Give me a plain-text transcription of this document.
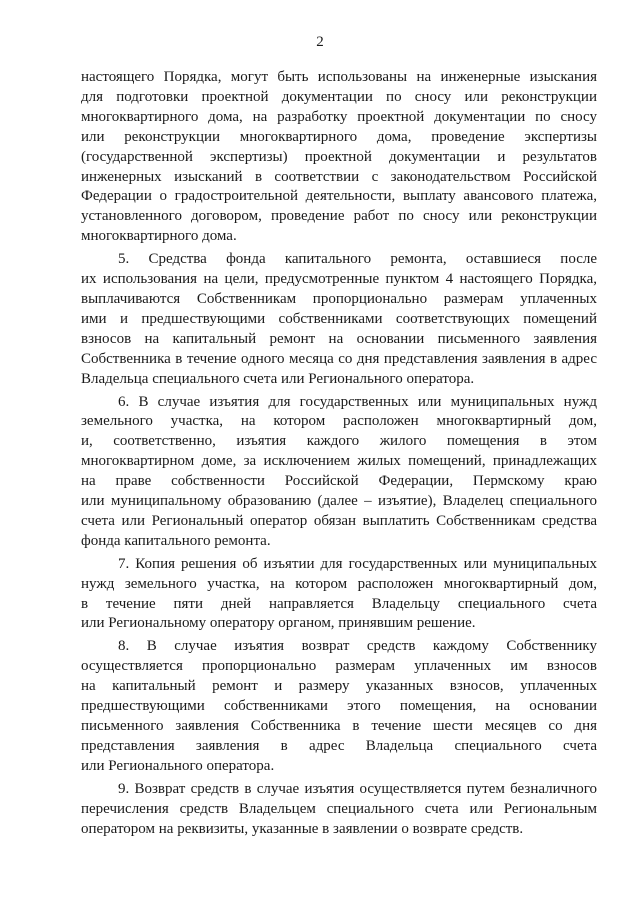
2
настоящего Порядка, могут быть использованы на инженерные изыскания
для подготовки проектной документации по сносу или реконструкции
многоквартирного дома, на разработку проектной документации по сносу
или реконструкции многоквартирного дома, проведение экспертизы
(государственной экспертизы) проектной документации и результатов
инженерных изысканий в соответствии с законодательством Российской
Федерации о градостроительной деятельности, выплату авансового платежа,
установленного договором, проведение работ по сносу или реконструкции
многоквартирного дома.
5. Средства фонда капитального ремонта, оставшиеся после
их использования на цели, предусмотренные пунктом 4 настоящего Порядка,
выплачиваются Собственникам пропорционально размерам уплаченных
ими и предшествующими собственниками соответствующих помещений
взносов на капитальный ремонт на основании письменного заявления
Собственника в течение одного месяца со дня представления заявления в адрес
Владельца специального счета или Регионального оператора.
6. В случае изъятия для государственных или муниципальных нужд
земельного участка, на котором расположен многоквартирный дом,
и, соответственно, изъятия каждого жилого помещения в этом
многоквартирном доме, за исключением жилых помещений, принадлежащих
на праве собственности Российской Федерации, Пермскому краю
или муниципальному образованию (далее – изъятие), Владелец специального
счета или Региональный оператор обязан выплатить Собственникам средства
фонда капитального ремонта.
7. Копия решения об изъятии для государственных или муниципальных
нужд земельного участка, на котором расположен многоквартирный дом,
в течение пяти дней направляется Владельцу специального счета
или Региональному оператору органом, принявшим решение.
8. В случае изъятия возврат средств каждому Собственнику
осуществляется пропорционально размерам уплаченных им взносов
на капитальный ремонт и размеру указанных взносов, уплаченных
предшествующими собственниками этого помещения, на основании
письменного заявления Собственника в течение шести месяцев со дня
представления заявления в адрес Владельца специального счета
или Регионального оператора.
9. Возврат средств в случае изъятия осуществляется путем безналичного
перечисления средств Владельцем специального счета или Региональным
оператором на реквизиты, указанные в заявлении о возврате средств.
